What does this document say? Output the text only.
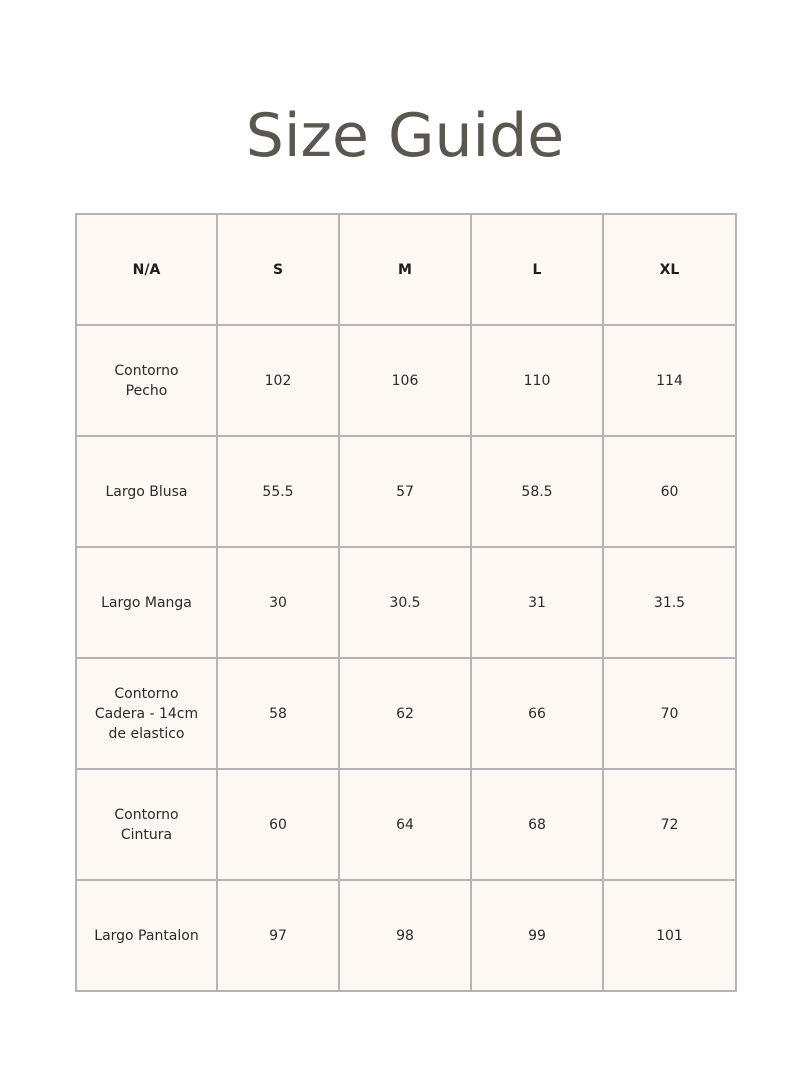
Size Guide
N/A	S	M	L	XL
Contorno Pecho	102	106	110	114
Largo Blusa	55.5	57	58.5	60
Largo Manga	30	30.5	31	31.5
Contorno Cadera - 14cm de elastico	58	62	66	70
Contorno Cintura	60	64	68	72
Largo Pantalon	97	98	99	101
